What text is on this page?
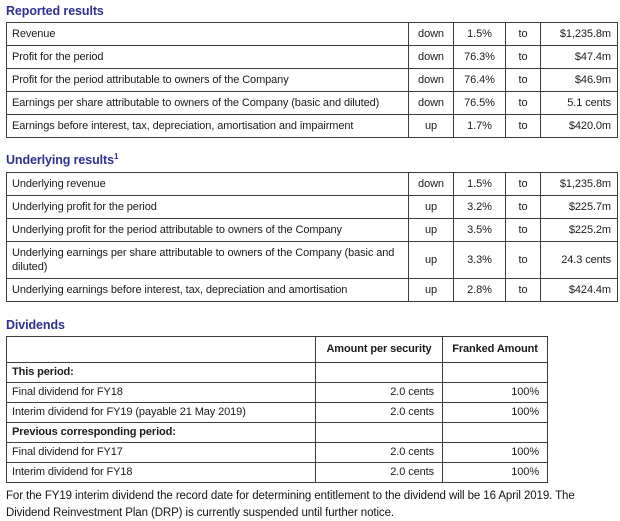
Reported results
Revenue	down	1.5%	to	$1,235.8m
Profit for the period	down	76.3%	to	$47.4m
Profit for the period attributable to owners of the Company	down	76.4%	to	$46.9m
Earnings per share attributable to owners of the Company (basic and diluted)	down	76.5%	to	5.1 cents
Earnings before interest, tax, depreciation, amortisation and impairment	up	1.7%	to	$420.0m
Underlying results$^1$
Underlying revenue	down	1.5%	to	$1,235.8m
Underlying profit for the period	up	3.2%	to	$225.7m
Underlying profit for the period attributable to owners of the Company	up	3.5%	to	$225.2m
Underlying earnings per share attributable to owners of the Company (basic and diluted)	up	3.3%	to	24.3 cents
Underlying earnings before interest, tax, depreciation and amortisation	up	2.8%	to	$424.4m
Dividends
	Amount per security	Franked Amount
This period:		
Final dividend for FY18	2.0 cents	100%
Interim dividend for FY19 (payable 21 May 2019)	2.0 cents	100%
Previous corresponding period:		
Final dividend for FY17	2.0 cents	100%
Interim dividend for FY18	2.0 cents	100%

For the FY19 interim dividend the record date for determining entitlement to the dividend will be 16 April 2019. The Dividend Reinvestment Plan (DRP) is currently suspended until further notice.
